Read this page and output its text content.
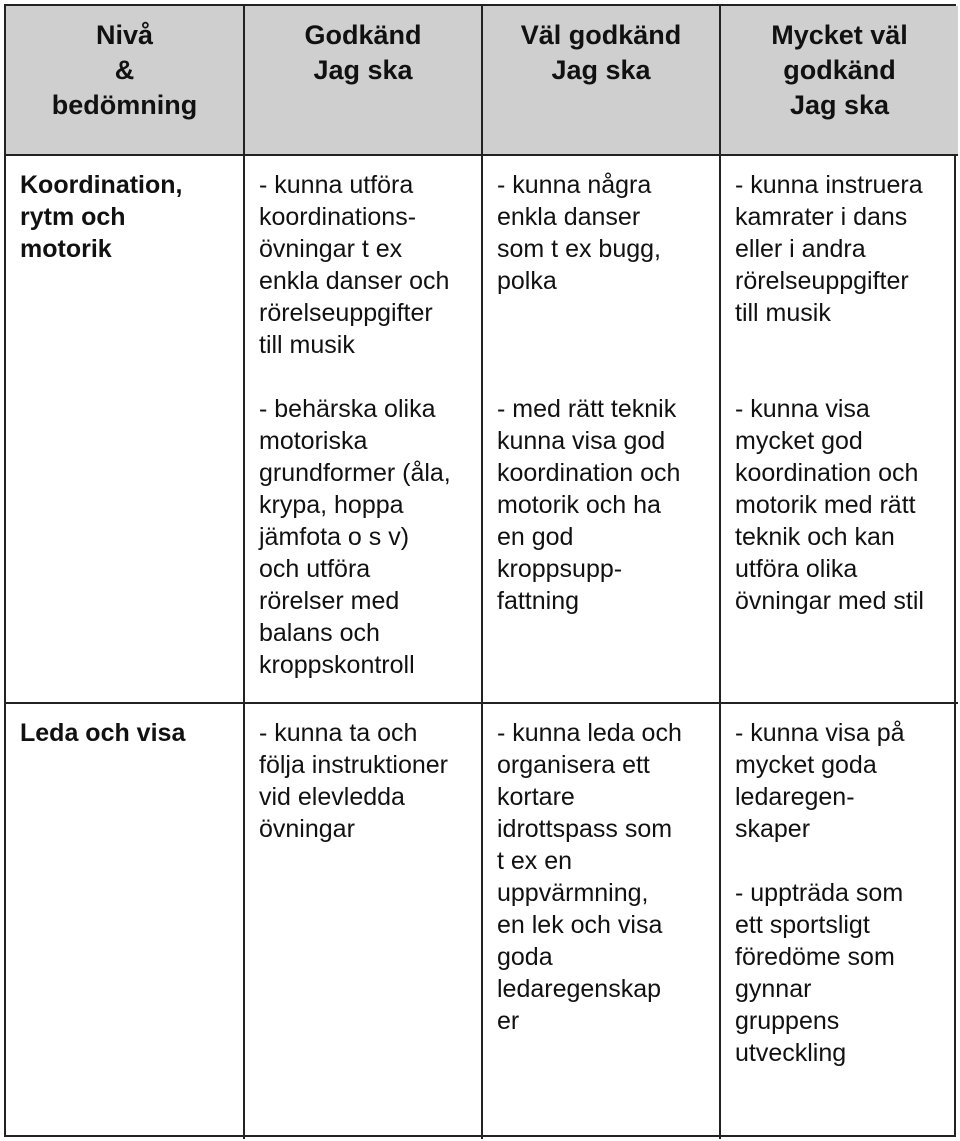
Nivå
&
bedömning
Godkänd
Jag ska
Väl godkänd
Jag ska
Mycket väl
godkänd
Jag ska
Koordination,
rytm och
motorik
- kunna utföra
koordinations-
övningar t ex
enkla danser och
rörelseuppgifter
till musik
- behärska olika
motoriska
grundformer (åla,
krypa, hoppa
jämfota o s v)
och utföra
rörelser med
balans och
kroppskontroll
- kunna några
enkla danser
som t ex bugg,
polka
- med rätt teknik
kunna visa god
koordination och
motorik och ha
en god
kroppsupp-
fattning
- kunna instruera
kamrater i dans
eller i andra
rörelseuppgifter
till musik
- kunna visa
mycket god
koordination och
motorik med rätt
teknik och kan
utföra olika
övningar med stil
Leda och visa	- kunna ta och
följa instruktioner
vid elevledda
övningar
- kunna leda och
organisera ett
kortare
idrottspass som
t ex en
uppvärmning,
en lek och visa
goda
ledaregenskap
er
- kunna visa på
mycket goda
ledaregen-
skaper
- uppträda som
ett sportsligt
föredöme som
gynnar
gruppens
utveckling
